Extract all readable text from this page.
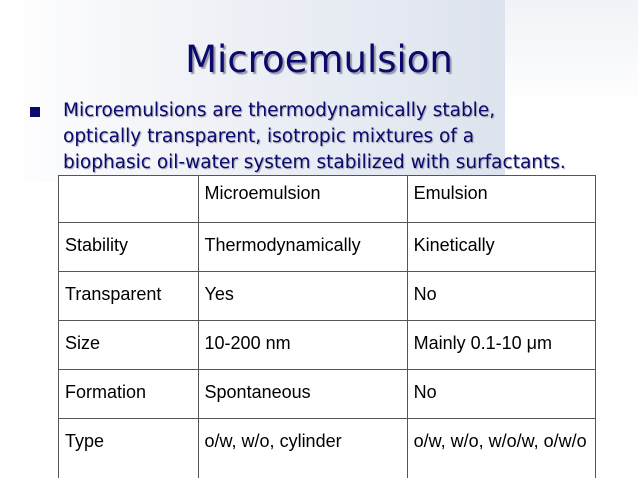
Microemulsion
Microemulsions are thermodynamically stable,
optically transparent, isotropic mixtures of a
biophasic oil-water system stabilized with surfactants.
	Microemulsion	Emulsion
Stability	Thermodynamically	Kinetically
Transparent	Yes	No
Size	10-200 nm	Mainly 0.1-10 μm
Formation	Spontaneous	No
Type	o/w, w/o, cylinder	o/w, w/o, w/o/w, o/w/o
